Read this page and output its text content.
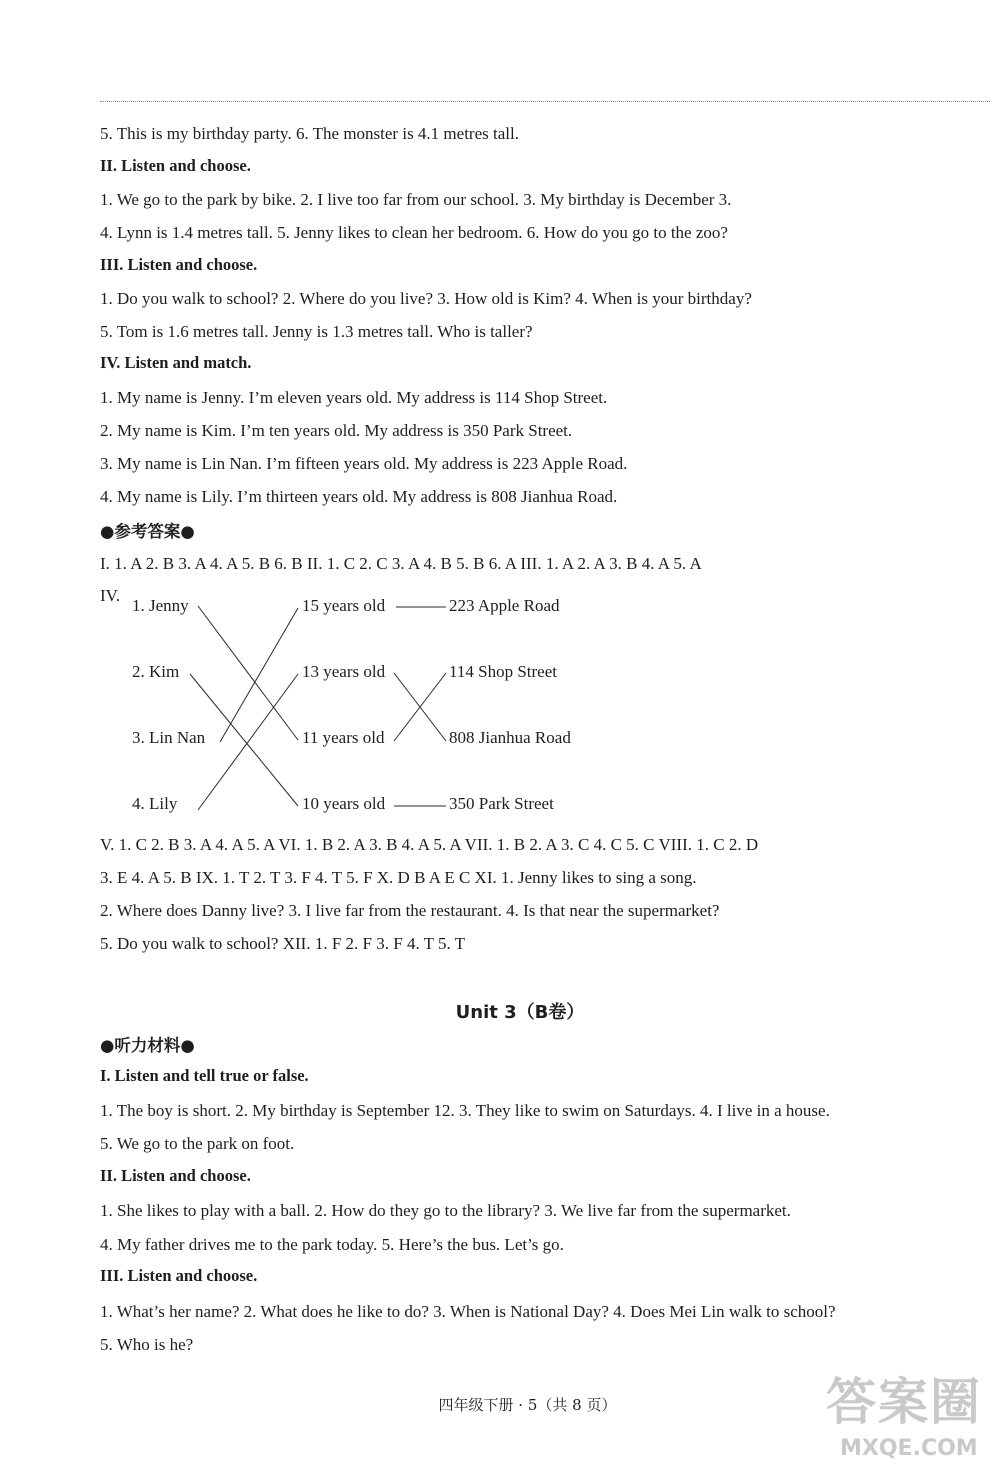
5. This is my birthday party. 6. The monster is 4.1 metres tall.
II. Listen and choose.
1. We go to the park by bike. 2. I live too far from our school. 3. My birthday is December 3.
4. Lynn is 1.4 metres tall. 5. Jenny likes to clean her bedroom. 6. How do you go to the zoo?
III. Listen and choose.
1. Do you walk to school? 2. Where do you live? 3. How old is Kim? 4. When is your birthday?
5. Tom is 1.6 metres tall. Jenny is 1.3 metres tall. Who is taller?
IV. Listen and match.
1. My name is Jenny. I’m eleven years old. My address is 114 Shop Street.
2. My name is Kim. I’m ten years old. My address is 350 Park Street.
3. My name is Lin Nan. I’m fifteen years old. My address is 223 Apple Road.
4. My name is Lily. I’m thirteen years old. My address is 808 Jianhua Road.
●参考答案●
I. 1. A 2. B 3. A 4. A 5. B 6. B II. 1. C 2. C 3. A 4. B 5. B 6. A III. 1. A 2. A 3. B 4. A 5. A
IV.
1. Jenny
2. Kim
3. Lin Nan
4. Lily
15 years old
13 years old
11 years old
10 years old
223 Apple Road
114 Shop Street
808 Jianhua Road
350 Park Street
V. 1. C 2. B 3. A 4. A 5. A VI. 1. B 2. A 3. B 4. A 5. A VII. 1. B 2. A 3. C 4. C 5. C VIII. 1. C 2. D
3. E 4. A 5. B IX. 1. T 2. T 3. F 4. T 5. F X. D B A E C XI. 1. Jenny likes to sing a song.
2. Where does Danny live? 3. I live far from the restaurant. 4. Is that near the supermarket?
5. Do you walk to school? XII. 1. F 2. F 3. F 4. T 5. T
Unit 3（B卷）
●听力材料●
I. Listen and tell true or false.
1. The boy is short. 2. My birthday is September 12. 3. They like to swim on Saturdays. 4. I live in a house.
5. We go to the park on foot.
II. Listen and choose.
1. She likes to play with a ball. 2. How do they go to the library? 3. We live far from the supermarket.
4. My father drives me to the park today. 5. Here’s the bus. Let’s go.
III. Listen and choose.
1. What’s her name? 2. What does he like to do? 3. When is National Day? 4. Does Mei Lin walk to school?
5. Who is he?
四年级下册 · 5（共 8 页）	答案圈
MXQE.COM
